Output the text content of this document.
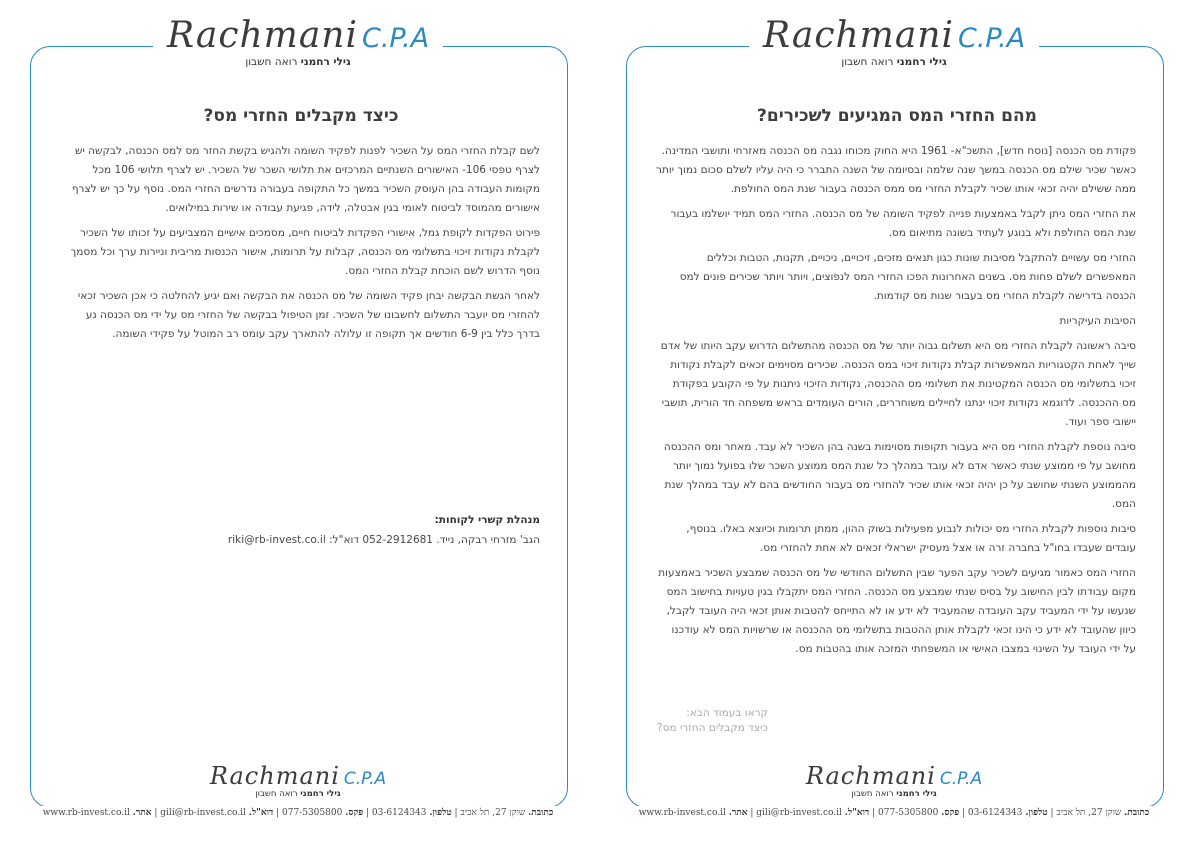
Rachmani C.P.A
גילי רחמני רואה חשבון
כיצד מקבלים החזרי מס?

לשם קבלת החזרי המס על השכיר לפנות לפקיד השומה ולהגיש בקשת החזר מס למס הכנסה, לבקשה יש לצרף טפסי 106- האישורים השנתיים המרכזים את תלושי השכר של השכיר. יש לצרף תלושי 106 מכל מקומות העבודה בהן העוסק השכיר במשך כל התקופה בעבורה נדרשים החזרי המס. נוסף על כך יש לצרף אישורים מהמוסד לביטוח לאומי בגין אבטלה, לידה, פגיעת עבודה או שירות במילואים.

פירוט הפקדות לקופת גמל, אישורי הפקדות לביטוח חיים, מסמכים אישיים המצביעים על זכותו של השכיר לקבלת נקודות זיכוי בתשלומי מס הכנסה, קבלות על תרומות, אישור הכנסות מריבית וניירות ערך וכל מסמך נוסף הדרוש לשם הוכחת קבלת החזרי המס.

לאחר הגשת הבקשה יבחן פקיד השומה של מס הכנסה את הבקשה ואם יגיע להחלטה כי אכן השכיר זכאי להחזרי מס יועבר התשלום לחשבונו של השכיר. זמן הטיפול בבקשה של החזרי מס על ידי מס הכנסה נע בדרך כלל בין 6-9 חודשים אך תקופה זו עלולה להתארך עקב עומס רב המוטל על פקידי השומה.

מנהלת קשרי לקוחות:
הגב' מזרחי רבקה, נייד. 052-2912681 דוא"ל: riki@rb-invest.co.il
Rachmani C.P.A
גילי רחמני רואה חשבון
כתובת. שוקן 27, תל אביב | טלפון. 03-6124343 | פקס. 077-5305800 | דוא"ל. gili@rb-invest.co.il | אתר. www.rb-invest.co.il
Rachmani C.P.A
גילי רחמני רואה חשבון
מהם החזרי המס המגיעים לשכירים?

פקודת מס הכנסה [נוסח חדש], התשכ"א- 1961 היא החוק מכוחו נגבה מס הכנסה מאזרחי ותושבי המדינה. כאשר שכיר שילם מס הכנסה במשך שנה שלמה ובסיומה של השנה התברר כי היה עליו לשלם סכום נמוך יותר ממה ששילם יהיה זכאי אותו שכיר לקבלת החזרי מס ממס הכנסה בעבור שנת המס החולפת.

את החזרי המס ניתן לקבל באמצעות פנייה לפקיד השומה של מס הכנסה. החזרי המס תמיד יושלמו בעבור שנת המס החולפת ולא בנוגע לעתיד בשונה מתיאום מס.

החזרי מס עשויים להתקבל מסיבות שונות כגון תנאים מזכים, זיכויים, ניכויים, תקנות, הטבות וכללים המאפשרים לשלם פחות מס. בשנים האחרונות הפכו החזרי המס לנפוצים, ויותר ויותר שכירים פונים למס הכנסה בדרישה לקבלת החזרי מס בעבור שנות מס קודמות.

הסיבות העיקריות

סיבה ראשונה לקבלת החזרי מס היא תשלום גבוה יותר של מס הכנסה מהתשלום הדרוש עקב היותו של אדם שייך לאחת הקטגוריות המאפשרות קבלת נקודות זיכוי במס הכנסה. שכירים מסוימים זכאים לקבלת נקודות זיכוי בתשלומי מס הכנסה המקטינות את תשלומי מס ההכנסה, נקודות הזיכוי ניתנות על פי הקובע בפקודת מס ההכנסה. לדוגמא נקודות זיכוי ינתנו לחיילים משוחררים, הורים העומדים בראש משפחה חד הורית, תושבי יישובי ספר ועוד.

סיבה נוספת לקבלת החזרי מס היא בעבור תקופות מסוימות בשנה בהן השכיר לא עבד. מאחר ומס ההכנסה מחושב על פי ממוצע שנתי כאשר אדם לא עובד במהלך כל שנת המס ממוצע השכר שלו בפועל נמוך יותר מהממוצע השנתי שחושב על כן יהיה זכאי אותו שכיר להחזרי מס בעבור החודשים בהם לא עבד במהלך שנת המס.

סיבות נוספות לקבלת החזרי מס יכולות לנבוע מפעילות בשוק ההון, ממתן תרומות וכיוצא באלו. בנוסף, עובדים שעבדו בחו"ל בחברה זרה או אצל מעסיק ישראלי זכאים לא אחת להחזרי מס.

החזרי המס כאמור מגיעים לשכיר עקב הפער שבין התשלום החודשי של מס הכנסה שמבצע השכיר באמצעות מקום עבודתו לבין החישוב על בסיס שנתי שמבצע מס הכנסה. החזרי המס יתקבלו בגין טעויות בחישוב המס שנעשו על ידי המעביד עקב העובדה שהמעביד לא ידע או לא התייחס להטבות אותן זכאי היה העובד לקבל, כיוון שהעובד לא ידע כי הינו זכאי לקבלת אותן ההטבות בתשלומי מס ההכנסה או שרשויות המס לא עודכנו על ידי העובד על השינוי במצבו האישי או המשפחתי המזכה אותו בהטבות מס.

קראו בעמוד הבא:
כיצד מקבלים החזרי מס?
Rachmani C.P.A
גילי רחמני רואה חשבון
כתובת. שוקן 27, תל אביב | טלפון. 03-6124343 | פקס. 077-5305800 | דוא"ל. gili@rb-invest.co.il | אתר. www.rb-invest.co.il
